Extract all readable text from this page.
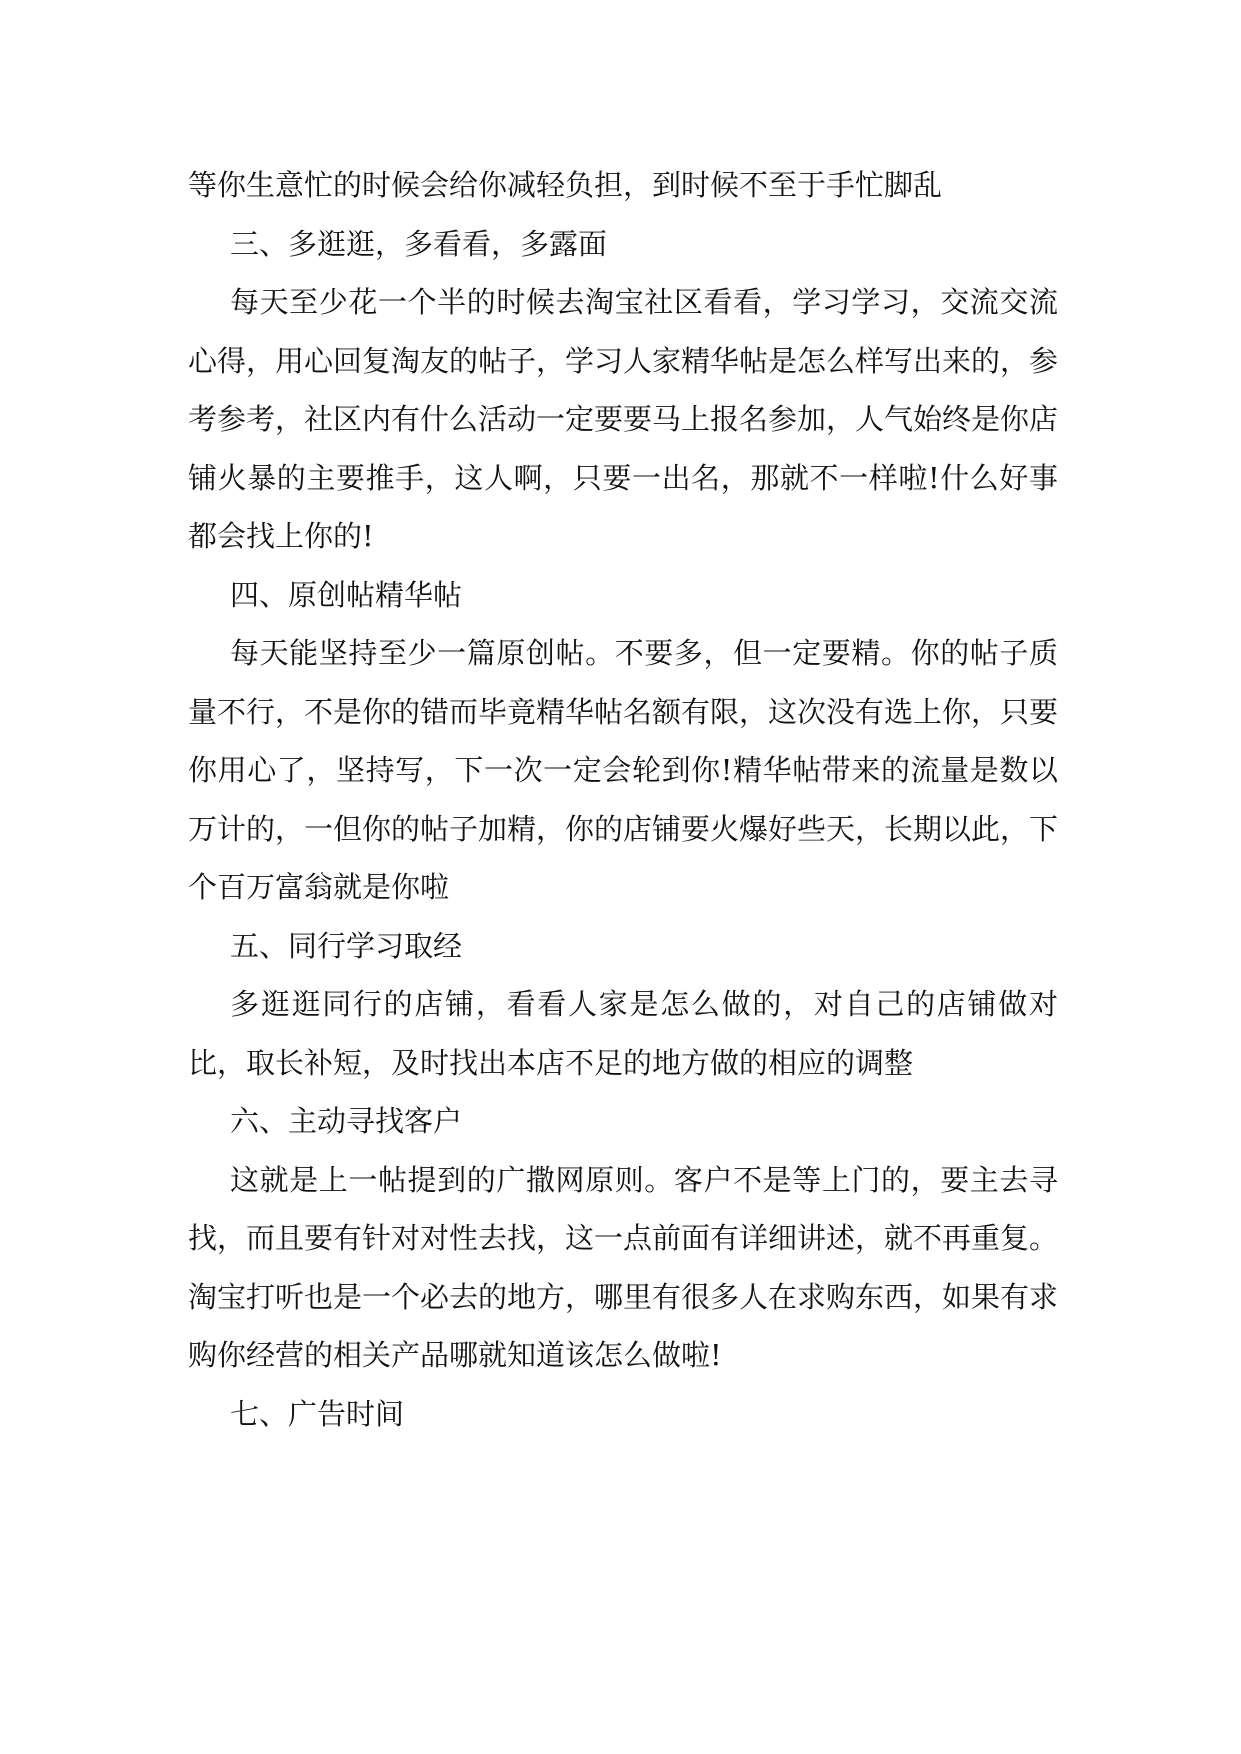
等你生意忙的时候会给你减轻负担，到时候不至于手忙脚乱

三、多逛逛，多看看，多露面

每天至少花一个半的时候去淘宝社区看看，学习学习，交流交流心得，用心回复淘友的帖子，学习人家精华帖是怎么样写出来的，参考参考，社区内有什么活动一定要要马上报名参加，人气始终是你店铺火暴的主要推手，这人啊，只要一出名，那就不一样啦!什么好事都会找上你的!

四、原创帖精华帖

每天能坚持至少一篇原创帖。不要多，但一定要精。你的帖子质量不行，不是你的错而毕竟精华帖名额有限，这次没有选上你，只要你用心了，坚持写，下一次一定会轮到你!精华帖带来的流量是数以万计的，一但你的帖子加精，你的店铺要火爆好些天，长期以此，下个百万富翁就是你啦

五、同行学习取经

多逛逛同行的店铺，看看人家是怎么做的，对自己的店铺做对比，取长补短，及时找出本店不足的地方做的相应的调整

六、主动寻找客户

这就是上一帖提到的广撒网原则。客户不是等上门的，要主去寻找，而且要有针对对性去找，这一点前面有详细讲述，就不再重复。淘宝打听也是一个必去的地方，哪里有很多人在求购东西，如果有求购你经营的相关产品哪就知道该怎么做啦!

七、广告时间
